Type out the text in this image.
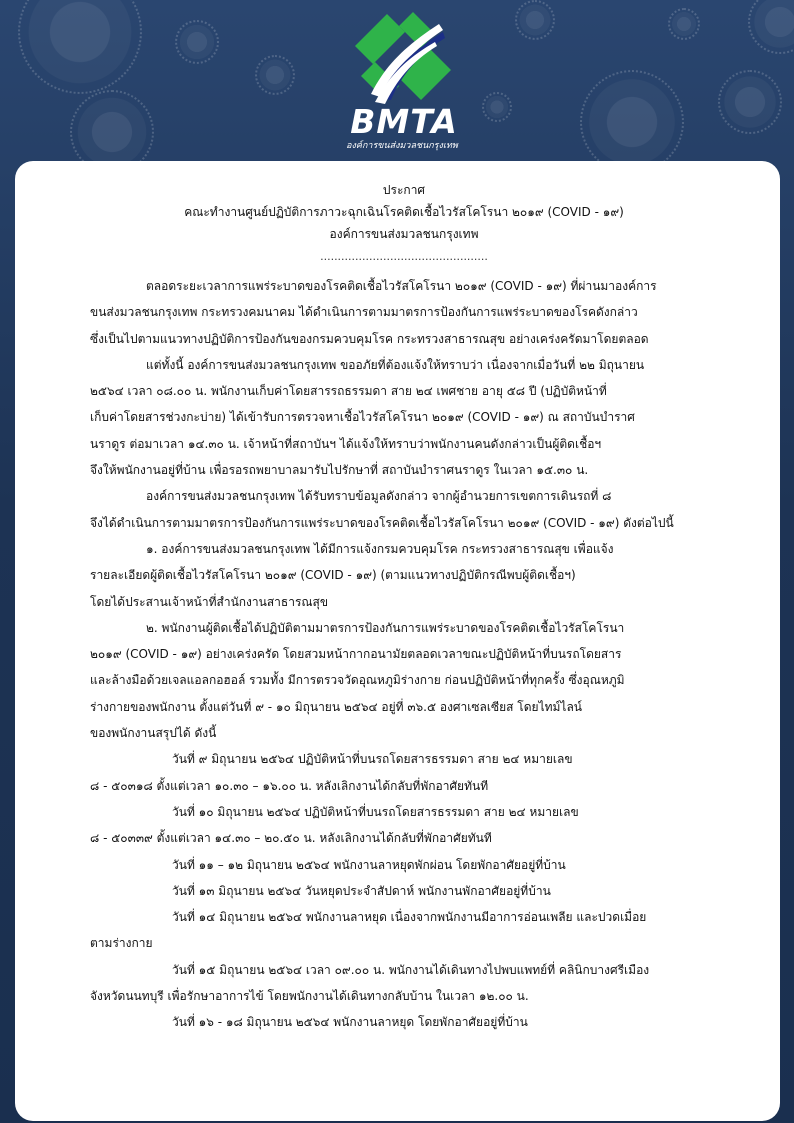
BMTA
องค์การขนส่งมวลชนกรุงเทพ
ประกาศ
คณะทำงานศูนย์ปฏิบัติการภาวะฉุกเฉินโรคติดเชื้อไวรัสโคโรนา ๒๐๑๙ (COVID - ๑๙)
องค์การขนส่งมวลชนกรุงเทพ
................................................
ตลอดระยะเวลาการแพร่ระบาดของโรคติดเชื้อไวรัสโคโรนา ๒๐๑๙ (COVID - ๑๙) ที่ผ่านมาองค์การ
ขนส่งมวลชนกรุงเทพ กระทรวงคมนาคม ได้ดำเนินการตามมาตรการป้องกันการแพร่ระบาดของโรคดังกล่าว
ซึ่งเป็นไปตามแนวทางปฏิบัติการป้องกันของกรมควบคุมโรค กระทรวงสาธารณสุข อย่างเคร่งครัดมาโดยตลอด
แต่ทั้งนี้ องค์การขนส่งมวลชนกรุงเทพ ขออภัยที่ต้องแจ้งให้ทราบว่า เนื่องจากเมื่อวันที่ ๒๒ มิถุนายน
๒๕๖๔ เวลา ๐๘.๐๐ น. พนักงานเก็บค่าโดยสารรถธรรมดา สาย ๒๔ เพศชาย อายุ ๕๘ ปี (ปฏิบัติหน้าที่
เก็บค่าโดยสารช่วงกะบ่าย) ได้เข้ารับการตรวจหาเชื้อไวรัสโคโรนา ๒๐๑๙ (COVID - ๑๙) ณ สถาบันบำราศ
นราดูร ต่อมาเวลา ๑๔.๓๐ น. เจ้าหน้าที่สถาบันฯ ได้แจ้งให้ทราบว่าพนักงานคนดังกล่าวเป็นผู้ติดเชื้อฯ
จึงให้พนักงานอยู่ที่บ้าน เพื่อรอรถพยาบาลมารับไปรักษาที่ สถาบันบำราศนราดูร ในเวลา ๑๕.๓๐ น.
องค์การขนส่งมวลชนกรุงเทพ ได้รับทราบข้อมูลดังกล่าว จากผู้อำนวยการเขตการเดินรถที่ ๘
จึงได้ดำเนินการตามมาตรการป้องกันการแพร่ระบาดของโรคติดเชื้อไวรัสโคโรนา ๒๐๑๙ (COVID - ๑๙) ดังต่อไปนี้
๑. องค์การขนส่งมวลชนกรุงเทพ ได้มีการแจ้งกรมควบคุมโรค กระทรวงสาธารณสุข เพื่อแจ้ง
รายละเอียดผู้ติดเชื้อไวรัสโคโรนา ๒๐๑๙ (COVID - ๑๙) (ตามแนวทางปฏิบัติกรณีพบผู้ติดเชื้อฯ)
โดยได้ประสานเจ้าหน้าที่สำนักงานสาธารณสุข
๒. พนักงานผู้ติดเชื้อได้ปฏิบัติตามมาตรการป้องกันการแพร่ระบาดของโรคติดเชื้อไวรัสโคโรนา
๒๐๑๙ (COVID - ๑๙) อย่างเคร่งครัด โดยสวมหน้ากากอนามัยตลอดเวลาขณะปฏิบัติหน้าที่บนรถโดยสาร
และล้างมือด้วยเจลแอลกอฮอล์ รวมทั้ง มีการตรวจวัดอุณหภูมิร่างกาย ก่อนปฏิบัติหน้าที่ทุกครั้ง ซึ่งอุณหภูมิ
ร่างกายของพนักงาน ตั้งแต่วันที่ ๙ - ๑๐ มิถุนายน ๒๕๖๔ อยู่ที่ ๓๖.๕ องศาเซลเซียส โดยไทม์ไลน์
ของพนักงานสรุปได้ ดังนี้
วันที่ ๙ มิถุนายน ๒๕๖๔ ปฏิบัติหน้าที่บนรถโดยสารธรรมดา สาย ๒๔ หมายเลข
๘ - ๕๐๓๑๘ ตั้งแต่เวลา ๑๐.๓๐ – ๑๖.๐๐ น. หลังเลิกงานได้กลับที่พักอาศัยทันที
วันที่ ๑๐ มิถุนายน ๒๕๖๔ ปฏิบัติหน้าที่บนรถโดยสารธรรมดา สาย ๒๔ หมายเลข
๘ - ๕๐๓๓๙ ตั้งแต่เวลา ๑๔.๓๐ – ๒๐.๕๐ น. หลังเลิกงานได้กลับที่พักอาศัยทันที
วันที่ ๑๑ – ๑๒ มิถุนายน ๒๕๖๔ พนักงานลาหยุดพักผ่อน โดยพักอาศัยอยู่ที่บ้าน
วันที่ ๑๓ มิถุนายน ๒๕๖๔ วันหยุดประจำสัปดาห์ พนักงานพักอาศัยอยู่ที่บ้าน
วันที่ ๑๔ มิถุนายน ๒๕๖๔ พนักงานลาหยุด เนื่องจากพนักงานมีอาการอ่อนเพลีย และปวดเมื่อย
ตามร่างกาย
วันที่ ๑๕ มิถุนายน ๒๕๖๔ เวลา ๐๙.๐๐ น. พนักงานได้เดินทางไปพบแพทย์ที่ คลินิกบางศรีเมือง
จังหวัดนนทบุรี เพื่อรักษาอาการไข้ โดยพนักงานได้เดินทางกลับบ้าน ในเวลา ๑๒.๐๐ น.
วันที่ ๑๖ - ๑๘ มิถุนายน ๒๕๖๔ พนักงานลาหยุด โดยพักอาศัยอยู่ที่บ้าน
